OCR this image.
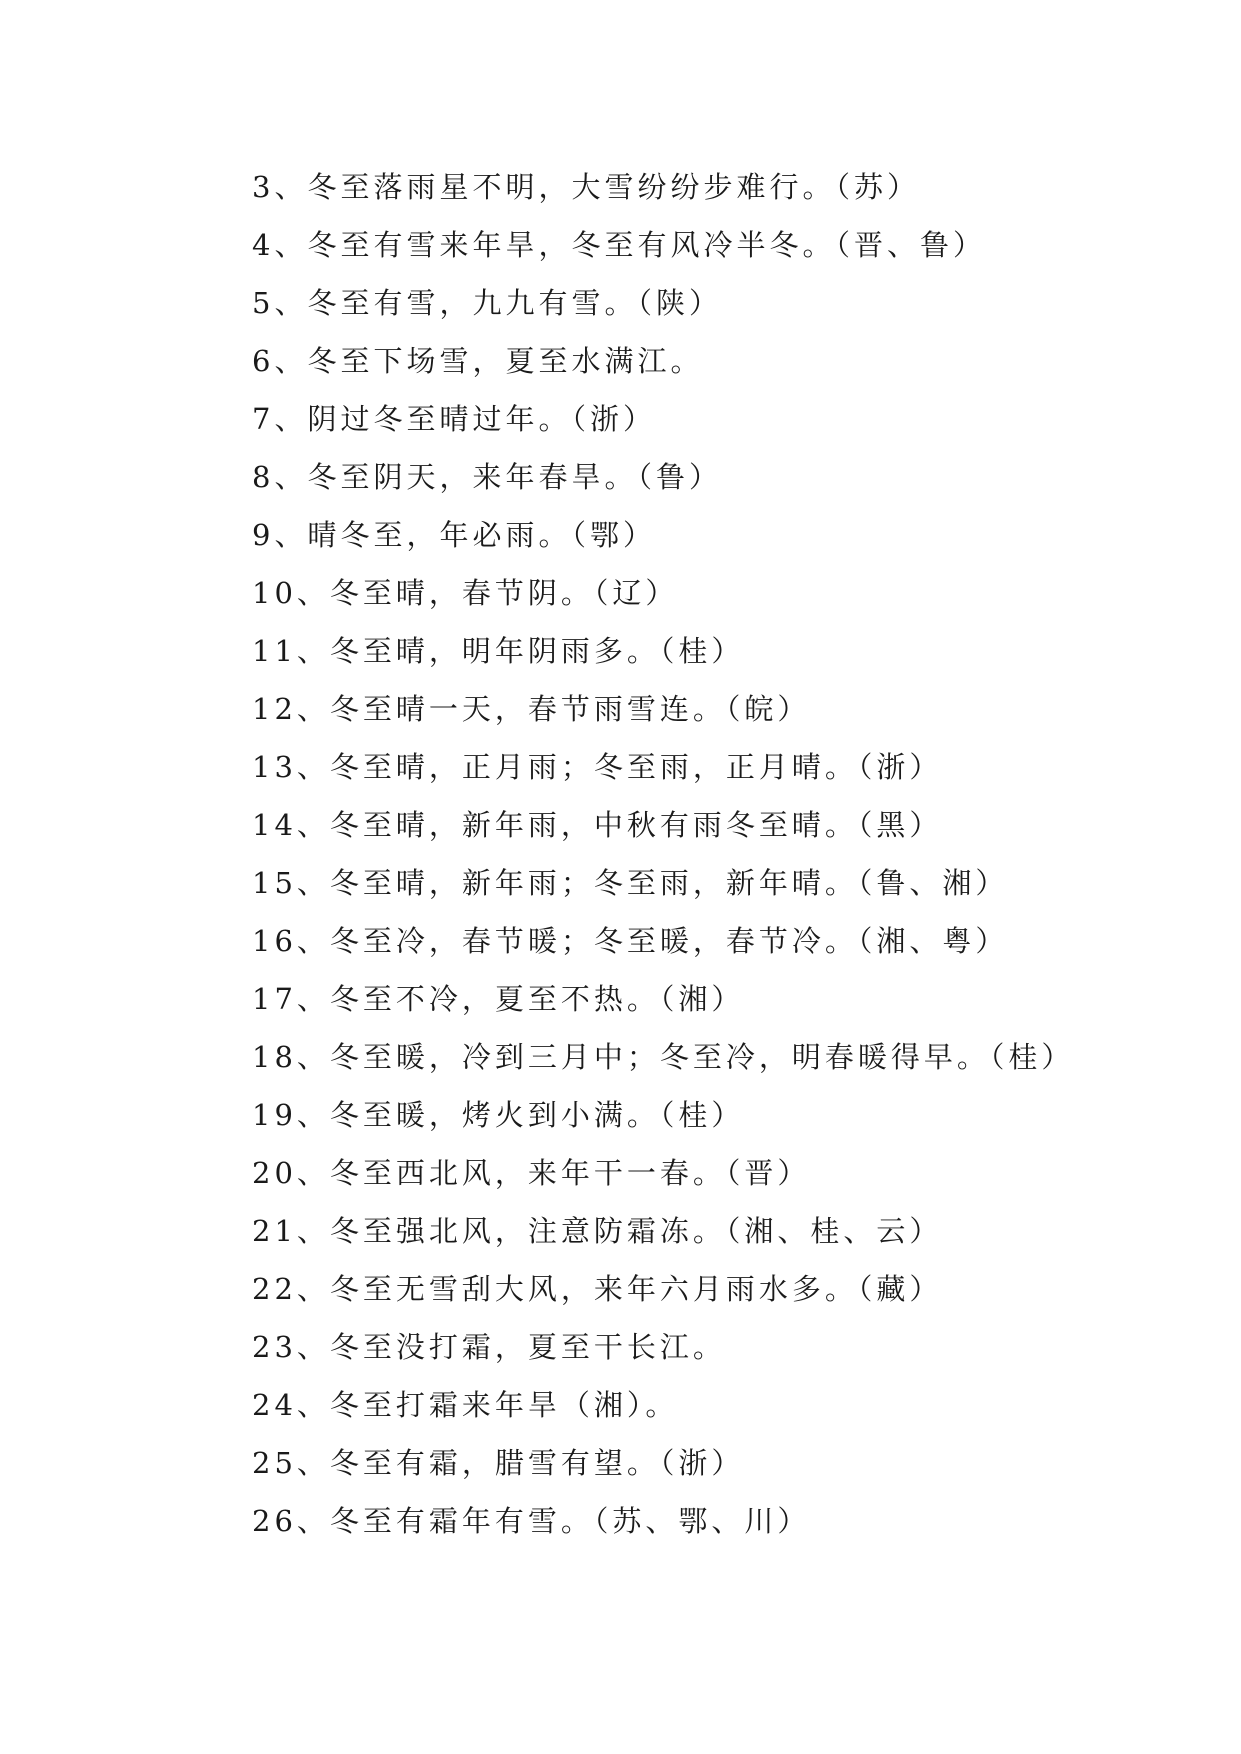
3、冬至落雨星不明，大雪纷纷步难行。（苏）
4、冬至有雪来年旱，冬至有风冷半冬。（晋、鲁）
5、冬至有雪，九九有雪。（陕）
6、冬至下场雪，夏至水满江。
7、阴过冬至晴过年。（浙）
8、冬至阴天，来年春旱。（鲁）
9、晴冬至，年必雨。（鄂）
10、冬至晴，春节阴。（辽）
11、冬至晴，明年阴雨多。（桂）
12、冬至晴一天，春节雨雪连。（皖）
13、冬至晴，正月雨；冬至雨，正月晴。（浙）
14、冬至晴，新年雨，中秋有雨冬至晴。（黑）
15、冬至晴，新年雨；冬至雨，新年晴。（鲁、湘）
16、冬至冷，春节暖；冬至暖，春节冷。（湘、粤）
17、冬至不冷，夏至不热。（湘）
18、冬至暖，冷到三月中；冬至冷，明春暖得早。（桂）
19、冬至暖，烤火到小满。（桂）
20、冬至西北风，来年干一春。（晋）
21、冬至强北风，注意防霜冻。（湘、桂、云）
22、冬至无雪刮大风，来年六月雨水多。（藏）
23、冬至没打霜，夏至干长江。
24、冬至打霜来年旱（湘）。
25、冬至有霜，腊雪有望。（浙）
26、冬至有霜年有雪。（苏、鄂、川）
